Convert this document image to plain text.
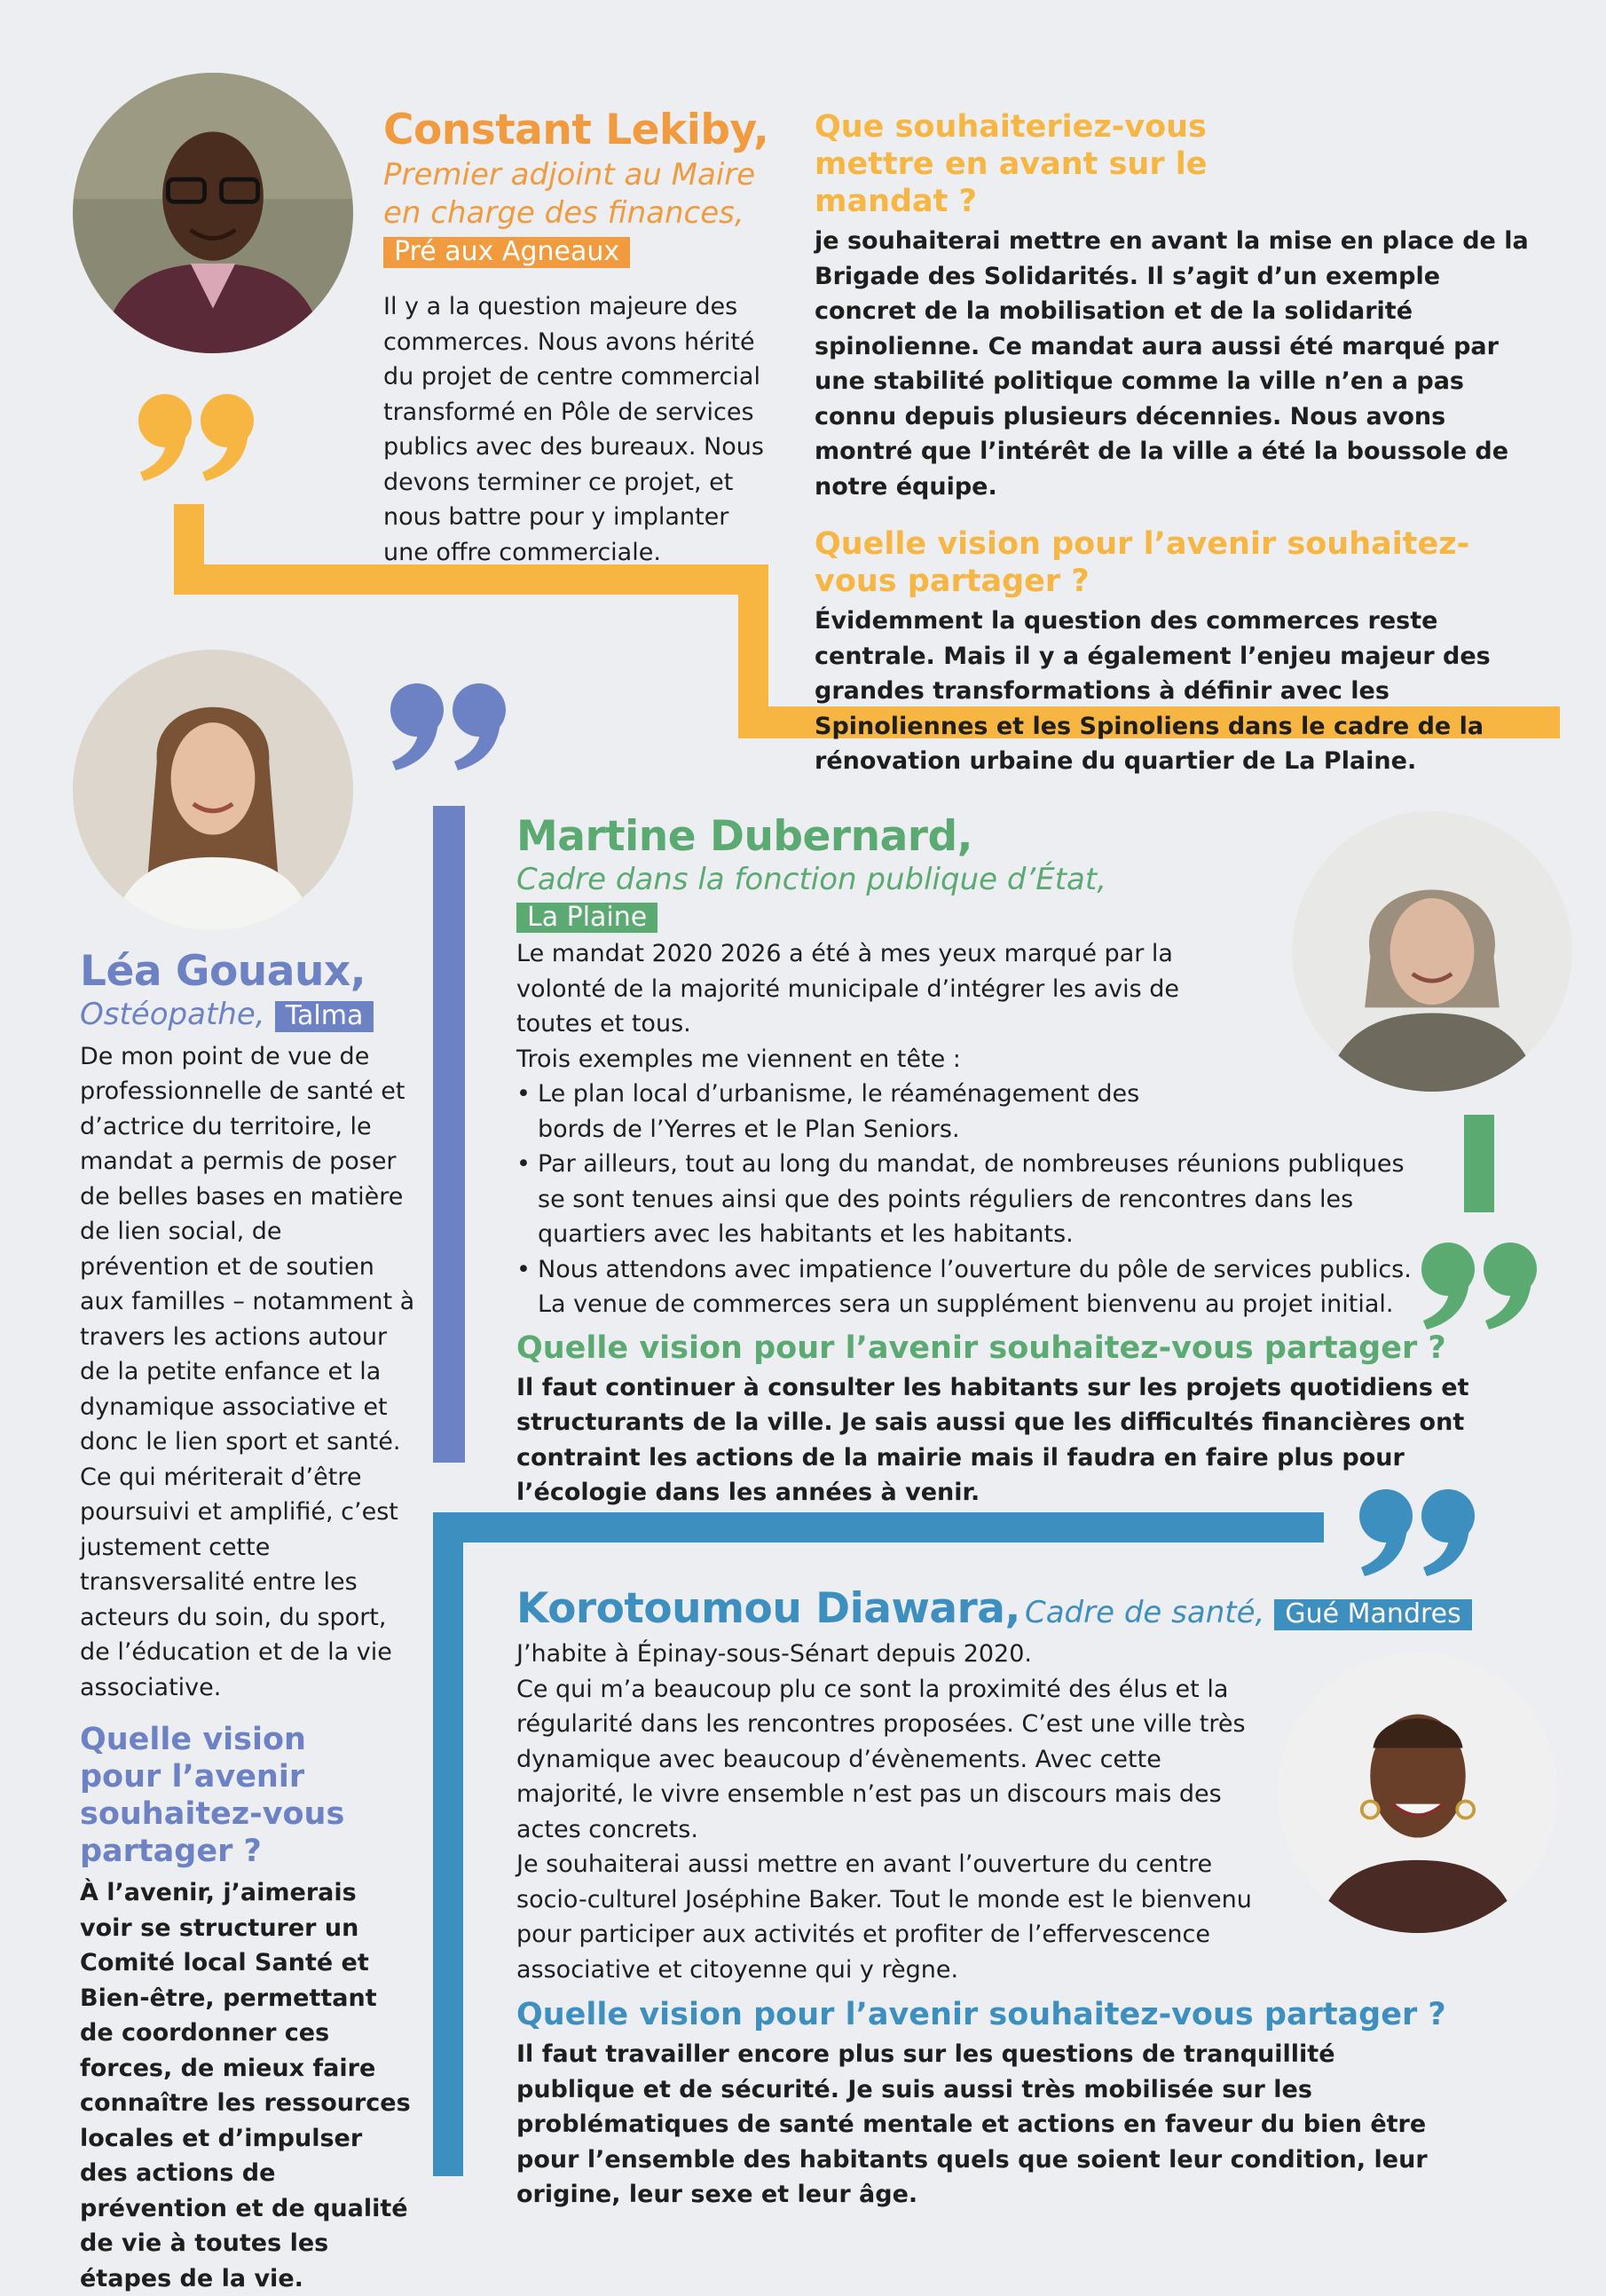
Constant Lekiby,

Premier adjoint au Maire

en charge des finances,

Pré aux Agneaux

Il y a la question majeure des commerces. Nous avons hérité du projet de centre commercial transformé en Pôle de services publics avec des bureaux. Nous devons terminer ce projet, et nous battre pour y implanter une offre commerciale.

Que souhaiteriez-vous mettre en avant sur le mandat ?

je souhaiterai mettre en avant la mise en place de la Brigade des Solidarités. Il s’agit d’un exemple concret de la mobilisation et de la solidarité spinolienne. Ce mandat aura aussi été marqué par une stabilité politique comme la ville n’en a pas connu depuis plusieurs décennies. Nous avons montré que l’intérêt de la ville a été la boussole de notre équipe.

Quelle vision pour l’avenir souhaitez-vous partager ?

Évidemment la question des commerces reste centrale. Mais il y a également l’enjeu majeur des grandes transformations à définir avec les Spinoliennes et les Spinoliens dans le cadre de la rénovation urbaine du quartier de La Plaine.

Léa Gouaux,
Ostéopathe, Talma

De mon point de vue de professionnelle de santé et d’actrice du territoire, le mandat a permis de poser de belles bases en matière de lien social, de prévention et de soutien aux familles – notamment à travers les actions autour de la petite enfance et la dynamique associative et donc le lien sport et santé.

Ce qui mériterait d’être poursuivi et amplifié, c’est justement cette transversalité entre les acteurs du soin, du sport, de l’éducation et de la vie associative.

Quelle vision pour l’avenir souhaitez-vous partager ?

À l’avenir, j’aimerais voir se structurer un Comité local Santé et Bien-être, permettant de coordonner ces forces, de mieux faire connaître les ressources locales et d’impulser des actions de prévention et de qualité de vie à toutes les étapes de la vie.

Martine Dubernard,

Cadre dans la fonction publique d’État,

La Plaine

Le mandat 2020 2026 a été à mes yeux marqué par la volonté de la majorité municipale d’intégrer les avis de toutes et tous.

Trois exemples me viennent en tête :

• Le plan local d’urbanisme, le réaménagement des bords de l’Yerres et le Plan Seniors.
• Par ailleurs, tout au long du mandat, de nombreuses réunions publiques se sont tenues ainsi que des points réguliers de rencontres dans les quartiers avec les habitants et les habitants.
• Nous attendons avec impatience l’ouverture du pôle de services publics. La venue de commerces sera un supplément bienvenu au projet initial.
Quelle vision pour l’avenir souhaitez-vous partager ?

Il faut continuer à consulter les habitants sur les projets quotidiens et structurants de la ville. Je sais aussi que les difficultés financières ont contraint les actions de la mairie mais il faudra en faire plus pour l’écologie dans les années à venir.

Korotoumou Diawara, Cadre de santé, Gué Mandres

J’habite à Épinay-sous-Sénart depuis 2020.

Ce qui m’a beaucoup plu ce sont la proximité des élus et la régularité dans les rencontres proposées. C’est une ville très dynamique avec beaucoup d’évènements. Avec cette majorité, le vivre ensemble n’est pas un discours mais des actes concrets.

Je souhaiterai aussi mettre en avant l’ouverture du centre socio-culturel Joséphine Baker. Tout le monde est le bienvenu pour participer aux activités et profiter de l’effervescence associative et citoyenne qui y règne.

Quelle vision pour l’avenir souhaitez-vous partager ?

Il faut travailler encore plus sur les questions de tranquillité publique et de sécurité. Je suis aussi très mobilisée sur les problématiques de santé mentale et actions en faveur du bien être pour l’ensemble des habitants quels que soient leur condition, leur origine, leur sexe et leur âge.
